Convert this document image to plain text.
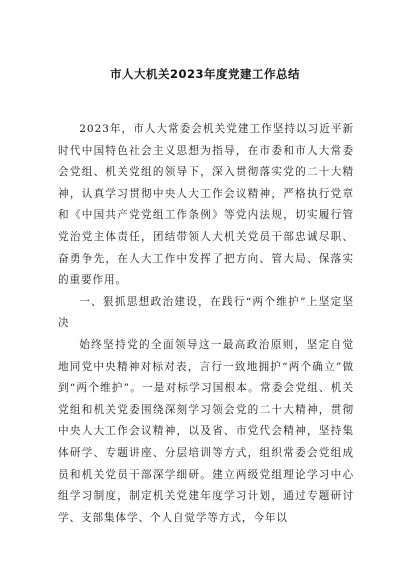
市人大机关2023年度党建工作总结

2023年，市人大常委会机关党建工作坚持以习近平新时代中国特色社会主义思想为指导，在市委和市人大常委会党组、机关党组的领导下，深入贯彻落实党的二十大精神，认真学习贯彻中央人大工作会议精神，严格执行党章和《中国共产党党组工作条例》等党内法规，切实履行管党治党主体责任，团结带领人大机关党员干部忠诚尽职、奋勇争先，在人大工作中发挥了把方向、管大局、保落实的重要作用。

一、狠抓思想政治建设，在践行“两个维护”上坚定坚决

始终坚持党的全面领导这一最高政治原则，坚定自觉地同党中央精神对标对表，言行一致地拥护“两个确立”做到“两个维护”。一是对标学习国根本。常委会党组、机关党组和机关党委围绕深刻学习领会党的二十大精神，贯彻中央人大工作会议精神，以及省、市党代会精神，坚持集体研学、专题讲座、分层培训等方式，组织常委会党组成员和机关党员干部深学细研。建立两级党组理论学习中心组学习制度，制定机关党建年度学习计划，通过专题研讨学、支部集体学、个人自觉学等方式，今年以
